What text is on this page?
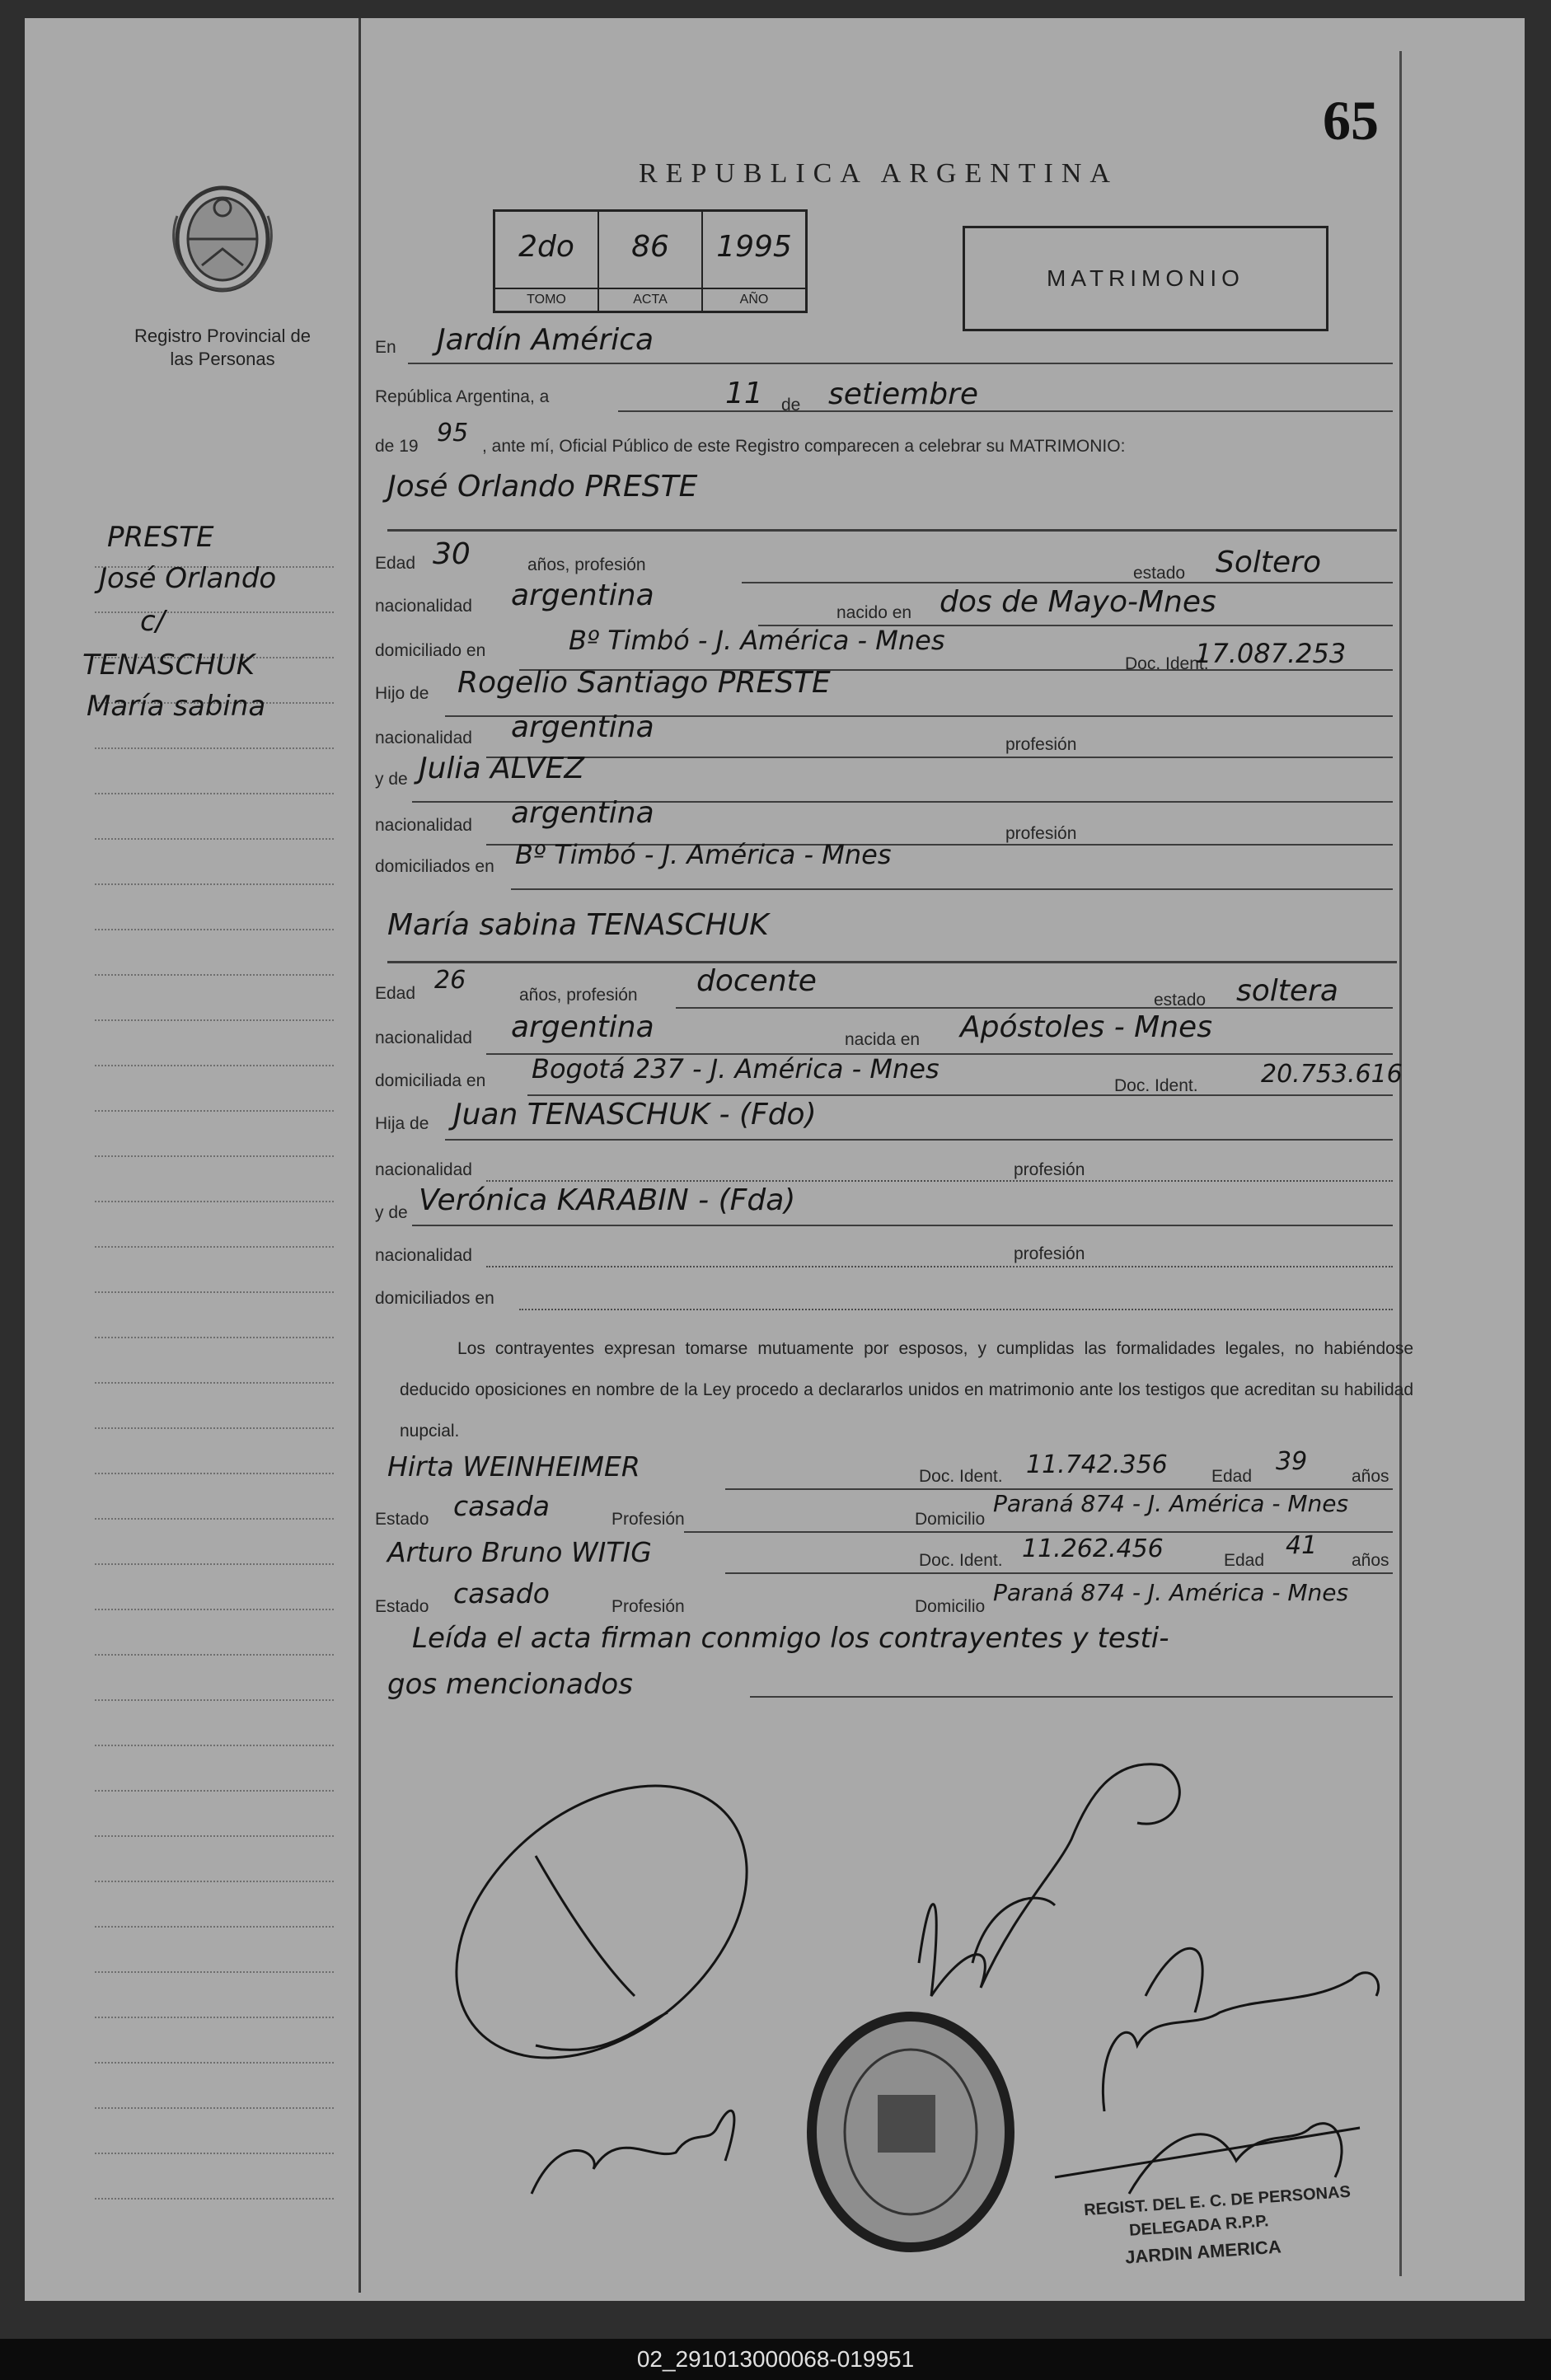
65
Registro Provincial de las Personas
PRESTE
José Orlando
c/
TENASCHUK
María sabina
REPUBLICA ARGENTINA
2do
TOMO
86
ACTA
1995
AÑO
MATRIMONIO
En Jardín América
República Argentina, a	11 de setiembre
de 19 95 , ante mí, Oficial Público de este Registro comparecen a celebrar su MATRIMONIO:
José Orlando PRESTE
Edad 30	años, profesión	estado Soltero
nacionalidad argentina
nacido en dos de Mayo-Mnes
domiciliado en	Bº Timbó - J. América - Mnes
Doc. Ident.
17.087.253
Hijo de Rogelio Santiago PRESTE
nacionalidad argentina
profesión
y de Julia ALVEZ
nacionalidad argentina
profesión
domiciliados en Bº Timbó - J. América - Mnes
María sabina TENASCHUK
Edad 26
años, profesión docente
estado soltera
nacionalidad argentina	nacida en Apóstoles - Mnes
domiciliada en Bogotá 237 - J. América - Mnes
Doc. Ident.	20.753.616
Hija de Juan TENASCHUK - (Fdo)
nacionalidad	profesión
y de Verónica KARABIN - (Fda)
nacionalidad	profesión
domiciliados en
Los contrayentes expresan tomarse mutuamente por esposos, y cumplidas las formalidades legales, no habiéndose deducido oposiciones en nombre de la Ley procedo a declararlos unidos en matrimonio ante los testigos que acreditan su habilidad nupcial.
Hirta WEINHEIMER	Doc. Ident. 11.742.356	Edad
39
años
Estado casada	Profesión	Domicilio
Paraná 874 - J. América - Mnes
Arturo Bruno WITIG	Doc. Ident. 11.262.456	Edad
41
años
Estado casado	Profesión	Domicilio
Paraná 874 - J. América - Mnes
Leída el acta firman conmigo los contrayentes y testi-
gos mencionados
REGIST. DEL E. C. DE PERSONAS
DELEGADA R.P.P.
JARDIN AMERICA
02_291013000068-019951
